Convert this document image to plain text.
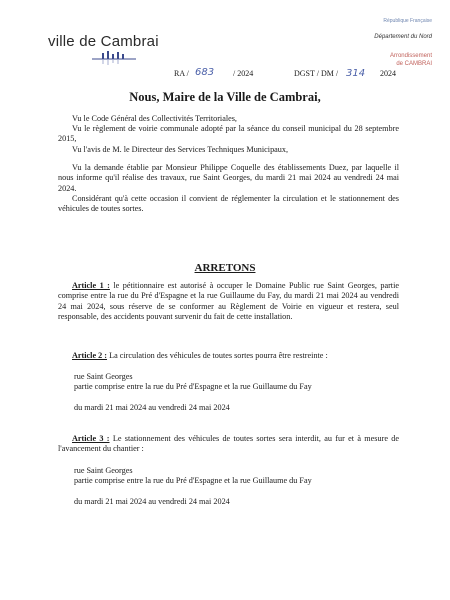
ville de Cambrai
République Française
Département du Nord
Arrondissement
de CAMBRAI
RA / 683 / 2024	DGST / DM / 314 2024
Nous, Maire de la Ville de Cambrai,
Vu le Code Général des Collectivités Territoriales,
Vu le règlement de voirie communale adopté par la séance du conseil municipal du 28 septembre 2015,
Vu l'avis de M. le Directeur des Services Techniques Municipaux,
Vu la demande établie par Monsieur Philippe Coquelle des établissements Duez, par laquelle il nous informe qu'il réalise des travaux, rue Saint Georges, du mardi 21 mai 2024 au vendredi 24 mai 2024.
Considérant qu'à cette occasion il convient de réglementer la circulation et le stationnement des véhicules de toutes sortes.
ARRETONS
Article 1 : le pétitionnaire est autorisé à occuper le Domaine Public rue Saint Georges, partie comprise entre la rue du Pré d'Espagne et la rue Guillaume du Fay, du mardi 21 mai 2024 au vendredi 24 mai 2024, sous réserve de se conformer au Règlement de Voirie en vigueur et restera, seul responsable, des accidents pouvant survenir du fait de cette installation.
Article 2 : La circulation des véhicules de toutes sortes pourra être restreinte :
rue Saint Georges
partie comprise entre la rue du Pré d'Espagne et la rue Guillaume du Fay
du mardi 21 mai 2024 au vendredi 24 mai 2024
Article 3 : Le stationnement des véhicules de toutes sortes sera interdit, au fur et à mesure de l'avancement du chantier :
rue Saint Georges
partie comprise entre la rue du Pré d'Espagne et la rue Guillaume du Fay
du mardi 21 mai 2024 au vendredi 24 mai 2024
